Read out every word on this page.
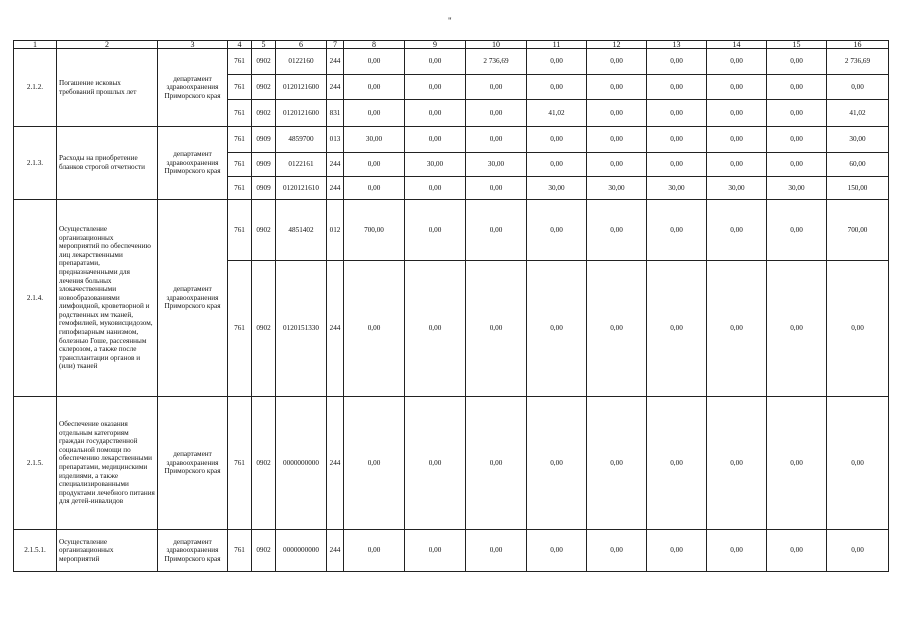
"
1	2	3	4	5	6	7	8	9	10	11	12	13	14	15	16
2.1.2.	Погашение исковых требований прошлых лет	департамент здравоохранения Приморского края	761	0902	0122160	244	0,00	0,00	2 736,69	0,00	0,00	0,00	0,00	0,00	2 736,69
			761	0902	0120121600	244	0,00	0,00	0,00	0,00	0,00	0,00	0,00	0,00	0,00
			761	0902	0120121600	831	0,00	0,00	0,00	41,02	0,00	0,00	0,00	0,00	41,02
2.1.3.	Расходы на приобретение бланков строгой отчетности	департамент здравоохранения Приморского края	761	0909	4859700	013	30,00	0,00	0,00	0,00	0,00	0,00	0,00	0,00	30,00
			761	0909	0122161	244	0,00	30,00	30,00	0,00	0,00	0,00	0,00	0,00	60,00
			761	0909	0120121610	244	0,00	0,00	0,00	30,00	30,00	30,00	30,00	30,00	150,00
2.1.4.	Осуществление организационных мероприятий по обеспечению лиц лекарственными препаратами, предназначенными для лечения больных злокачественными новообразованиями лимфоидной, кроветворной и родственных им тканей, гемофилией, муковисцидозом, гипофизарным нанизмом, болезнью Гоше, рассеянным склерозом, а также после трансплантации органов и (или) тканей	департамент здравоохранения Приморского края	761	0902	4851402	012	700,00	0,00	0,00	0,00	0,00	0,00	0,00	0,00	700,00
			761	0902	0120151330	244	0,00	0,00	0,00	0,00	0,00	0,00	0,00	0,00	0,00
2.1.5.	Обеспечение оказания отдельным категориям граждан государственной социальной помощи по обеспечению лекарственными препаратами, медицинскими изделиями, а также специализированными продуктами лечебного питания для детей-инвалидов	департамент здравоохранения Приморского края	761	0902	0000000000	244	0,00	0,00	0,00	0,00	0,00	0,00	0,00	0,00	0,00
2.1.5.1.	Осуществление организационных мероприятий	департамент здравоохранения Приморского края	761	0902	0000000000	244	0,00	0,00	0,00	0,00	0,00	0,00	0,00	0,00	0,00
